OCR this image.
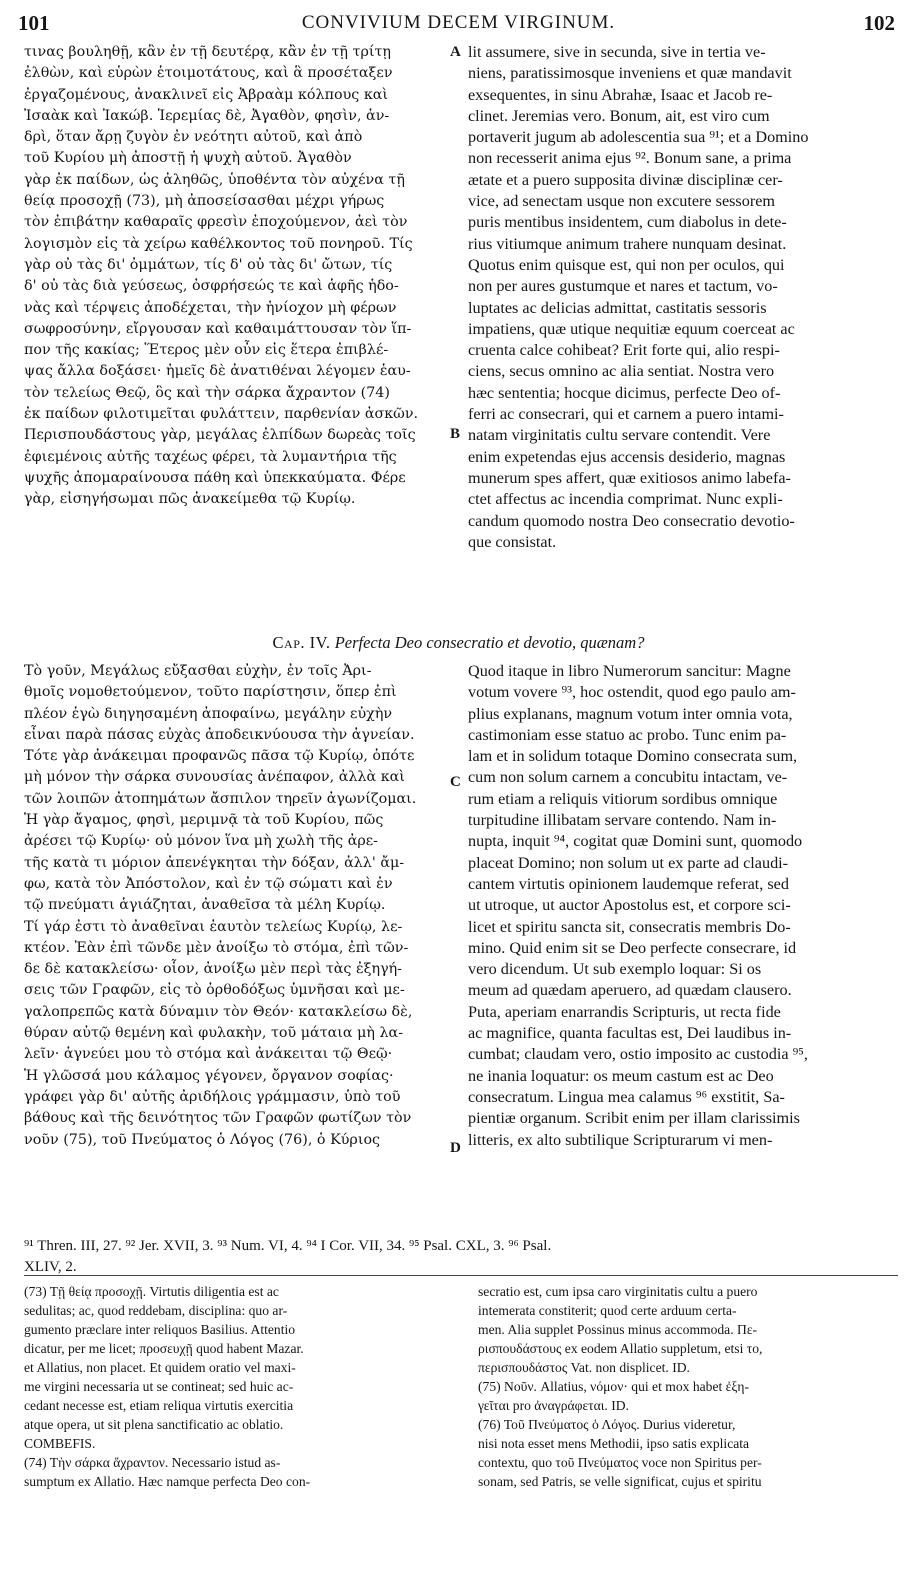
CONVIVIUM DECEM VIRGINUM.
101	102
A
B
C
D
τινας βουληθῇ, κἂν ἐν τῇ δευτέρᾳ, κἂν ἐν τῇ τρίτῃ
ἐλθὼν, καὶ εὑρὼν ἑτοιμοτάτους, καὶ ἃ προσέταξεν
ἐργαζομένους, ἀνακλινεῖ εἰς Ἀβραὰμ κόλπους καὶ
Ἰσαὰκ καὶ Ἰακώβ. Ἱερεμίας δὲ, Ἀγαθὸν, φησὶν, ἀν-
δρὶ, ὅταν ἄρῃ ζυγὸν ἐν νεότητι αὐτοῦ, καὶ ἀπὸ
τοῦ Κυρίου μὴ ἀποστῇ ἡ ψυχὴ αὐτοῦ. Ἀγαθὸν
γὰρ ἐκ παίδων, ὡς ἀληθῶς, ὑποθέντα τὸν αὐχένα τῇ
θείᾳ προσοχῇ (73), μὴ ἀποσείσασθαι μέχρι γήρως
τὸν ἐπιβάτην καθαραῖς φρεσὶν ἐποχούμενον, ἀεὶ τὸν
λογισμὸν εἰς τὰ χείρω καθέλκοντος τοῦ πονηροῦ. Τίς
γὰρ οὐ τὰς δι' ὀμμάτων, τίς δ' οὐ τὰς δι' ὤτων, τίς
δ' οὐ τὰς διὰ γεύσεως, ὀσφρήσεώς τε καὶ ἁφῆς ἡδο-
νὰς καὶ τέρψεις ἀποδέχεται, τὴν ἡνίοχον μὴ φέρων
σωφροσύνην, εἴργουσαν καὶ καθαιμάττουσαν τὸν ἵπ-
πον τῆς κακίας; Ἕτερος μὲν οὖν εἰς ἕτερα ἐπιβλέ-
ψας ἄλλα δοξάσει· ἡμεῖς δὲ ἀνατιθέναι λέγομεν ἑαυ-
τὸν τελείως Θεῷ, ὃς καὶ τὴν σάρκα ἄχραντον (74)
ἐκ παίδων φιλοτιμεῖται φυλάττειν, παρθενίαν ἀσκῶν.
Περισπουδάστους γὰρ, μεγάλας ἐλπίδων δωρεὰς τοῖς
ἐφιεμένοις αὐτῆς ταχέως φέρει, τὰ λυμαντήρια τῆς
ψυχῆς ἀπομαραίνουσα πάθη καὶ ὑπεκκαύματα. Φέρε
γὰρ, εἰσηγήσωμαι πῶς ἀνακείμεθα τῷ Κυρίῳ.
lit assumere, sive in secunda, sive in tertia ve-
niens, paratissimosque inveniens et quæ mandavit
exsequentes, in sinu Abrahæ, Isaac et Jacob re-
clinet. Jeremias vero. Bonum, ait, est viro cum
portaverit jugum ab adolescentia sua ⁹¹; et a Domino
non recesserit anima ejus ⁹². Bonum sane, a prima
ætate et a puero supposita divinæ disciplinæ cer-
vice, ad senectam usque non excutere sessorem
puris mentibus insidentem, cum diabolus in dete-
rius vitiumque animum trahere nunquam desinat.
Quotus enim quisque est, qui non per oculos, qui
non per aures gustumque et nares et tactum, vo-
luptates ac delicias admittat, castitatis sessoris
impatiens, quæ utique nequitiæ equum coerceat ac
cruenta calce cohibeat? Erit forte qui, alio respi-
ciens, secus omnino ac alia sentiat. Nostra vero
hæc sententia; hocque dicimus, perfecte Deo of-
ferri ac consecrari, qui et carnem a puero intami-
natam virginitatis cultu servare contendit. Vere
enim expetendas ejus accensis desiderio, magnas
munerum spes affert, quæ exitiosos animo labefa-
ctet affectus ac incendia comprimat. Nunc expli-
candum quomodo nostra Deo consecratio devotio-
que consistat.
Cap. IV. Perfecta Deo consecratio et devotio, quænam?
Τὸ γοῦν, Μεγάλως εὔξασθαι εὐχὴν, ἐν τοῖς Ἀρι-
θμοῖς νομοθετούμενον, τοῦτο παρίστησιν, ὅπερ ἐπὶ
πλέον ἐγὼ διηγησαμένη ἀποφαίνω, μεγάλην εὐχὴν
εἶναι παρὰ πάσας εὐχὰς ἀποδεικνύουσα τὴν ἁγνείαν.
Τότε γὰρ ἀνάκειμαι προφανῶς πᾶσα τῷ Κυρίῳ, ὁπότε
μὴ μόνον τὴν σάρκα συνουσίας ἀνέπαφον, ἀλλὰ καὶ
τῶν λοιπῶν ἀτοπημάτων ἄσπιλον τηρεῖν ἀγωνίζομαι.
Ἡ γὰρ ἄγαμος, φησὶ, μεριμνᾷ τὰ τοῦ Κυρίου, πῶς
ἀρέσει τῷ Κυρίῳ· οὐ μόνον ἵνα μὴ χωλὴ τῆς ἀρε-
τῆς κατὰ τι μόριον ἀπενέγκηται τὴν δόξαν, ἀλλ' ἄμ-
φω, κατὰ τὸν Ἀπόστολον, καὶ ἐν τῷ σώματι καὶ ἐν
τῷ πνεύματι ἁγιάζηται, ἀναθεῖσα τὰ μέλη Κυρίῳ.
Τί γάρ ἐστι τὸ ἀναθεῖναι ἑαυτὸν τελείως Κυρίῳ, λε-
κτέον. Ἐὰν ἐπὶ τῶνδε μὲν ἀνοίξω τὸ στόμα, ἐπὶ τῶν-
δε δὲ κατακλείσω· οἷον, ἀνοίξω μὲν περὶ τὰς ἐξηγή-
σεις τῶν Γραφῶν, εἰς τὸ ὀρθοδόξως ὑμνῆσαι καὶ με-
γαλοπρεπῶς κατὰ δύναμιν τὸν Θεόν· κατακλείσω δὲ,
θύραν αὐτῷ θεμένη καὶ φυλακὴν, τοῦ μάταια μὴ λα-
λεῖν· ἁγνεύει μου τὸ στόμα καὶ ἀνάκειται τῷ Θεῷ·
Ἡ γλῶσσά μου κάλαμος γέγονεν, ὄργανον σοφίας·
γράφει γὰρ δι' αὐτῆς ἀριδήλοις γράμμασιν, ὑπὸ τοῦ
βάθους καὶ τῆς δεινότητος τῶν Γραφῶν φωτίζων τὸν
νοῦν (75), τοῦ Πνεύματος ὁ Λόγος (76), ὁ Κύριος
Quod itaque in libro Numerorum sancitur: Magne
votum vovere ⁹³, hoc ostendit, quod ego paulo am-
plius explanans, magnum votum inter omnia vota,
castimoniam esse statuo ac probo. Tunc enim pa-
lam et in solidum totaque Domino consecrata sum,
cum non solum carnem a concubitu intactam, ve-
rum etiam a reliquis vitiorum sordibus omnique
turpitudine illibatam servare contendo. Nam in-
nupta, inquit ⁹⁴, cogitat quæ Domini sunt, quomodo
placeat Domino; non solum ut ex parte ad claudi-
cantem virtutis opinionem laudemque referat, sed
ut utroque, ut auctor Apostolus est, et corpore sci-
licet et spiritu sancta sit, consecratis membris Do-
mino. Quid enim sit se Deo perfecte consecrare, id
vero dicendum. Ut sub exemplo loquar: Si os
meum ad quædam aperuero, ad quædam clausero.
Puta, aperiam enarrandis Scripturis, ut recta fide
ac magnifice, quanta facultas est, Dei laudibus in-
cumbat; claudam vero, ostio imposito ac custodia ⁹⁵,
ne inania loquatur: os meum castum est ac Deo
consecratum. Lingua mea calamus ⁹⁶ exstitit, Sa-
pientiæ organum. Scribit enim per illam clarissimis
litteris, ex alto subtilique Scripturarum vi men-
⁹¹ Thren. III, 27. ⁹² Jer. XVII, 3. ⁹³ Num. VI, 4. ⁹⁴ I Cor. VII, 34. ⁹⁵ Psal. CXL, 3. ⁹⁶ Psal.
XLIV, 2.
(73) Τῇ θείᾳ προσοχῇ. Virtutis diligentia est ac
sedulitas; ac, quod reddebam, disciplina: quo ar-
gumento præclare inter reliquos Basilius. Attentio
dicatur, per me licet; προσευχῇ quod habent Mazar.
et Allatius, non placet. Et quidem oratio vel maxi-
me virgini necessaria ut se contineat; sed huic ac-
cedant necesse est, etiam reliqua virtutis exercitia
atque opera, ut sit plena sanctificatio ac oblatio.
COMBEFIS.
(74) Τὴν σάρκα ἄχραντον. Necessario istud as-
sumptum ex Allatio. Hæc namque perfecta Deo con-
secratio est, cum ipsa caro virginitatis cultu a puero
intemerata constiterit; quod certe arduum certa-
men. Alia supplet Possinus minus accommoda. Πε-
ρισπουδάστους ex eodem Allatio suppletum, etsi το,
περισπουδάστος Vat. non displicet. ID.
(75) Νοῦν. Allatius, νόμον· qui et mox habet ἐξη-
γεῖται pro ἀναγράφεται. ID.
(76) Τοῦ Πνεύματος ὁ Λόγος. Durius videretur,
nisi nota esset mens Methodii, ipso satis explicata
contextu, quo τοῦ Πνεύματος voce non Spiritus per-
sonam, sed Patris, se velle significat, cujus et spiritu
